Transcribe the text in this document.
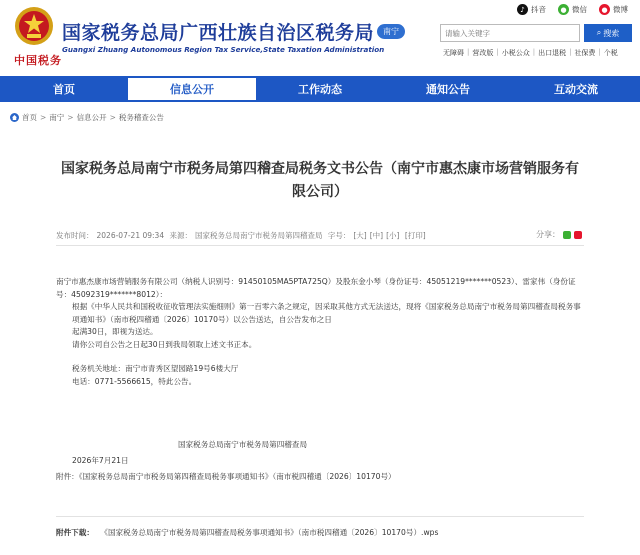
中国税务
国家税务总局广西壮族自治区税务局 南宁
Guangxi Zhuang Autonomous Region Tax Service,State Taxation Administration
♪ 抖音	● 微信	● 微博
请输入关键字
⌕ 搜索
无障碍 | 营改版 | 小税公众 | 出口退税 | 社保费 | 个税
首页	信息公开	工作动态	通知公告	互动交流
首页 > 南宁 > 信息公开 > 税务稽查公告
国家税务总局南宁市税务局第四稽查局税务文书公告（南宁市惠杰康市场营销服务有限公司）
发布时间： 2026-07-21 09:34 来源： 国家税务总局南宁市税务局第四稽查局 字号： [大] [中] [小] [打印]	分享：

南宁市惠杰康市场营销服务有限公司（纳税人识别号：91450105MA5PTA725Q）及股东金小琴（身份证号：45051219*******0523）、雷家伟（身份证号：45092319*******8012）：

根据《中华人民共和国税收征收管理法实施细则》第一百零六条之规定，因采取其他方式无法送达，现将《国家税务总局南宁市税务局第四稽查局税务事项通知书》（南市税四稽通〔2026〕10170号）以公告送达，自公告发布之日

起满30日，即视为送达。

请你公司自公告之日起30日到我局领取上述文书正本。

税务机关地址：南宁市青秀区望园路19号6楼大厅

电话：0771-5566615，特此公告。

国家税务总局南宁市税务局第四稽查局
2026年7月21日
附件：《国家税务总局南宁市税务局第四稽查局税务事项通知书》（南市税四稽通〔2026〕10170号）
附件下载： 《国家税务总局南宁市税务局第四稽查局税务事项通知书》（南市税四稽通〔2026〕10170号）.wps
